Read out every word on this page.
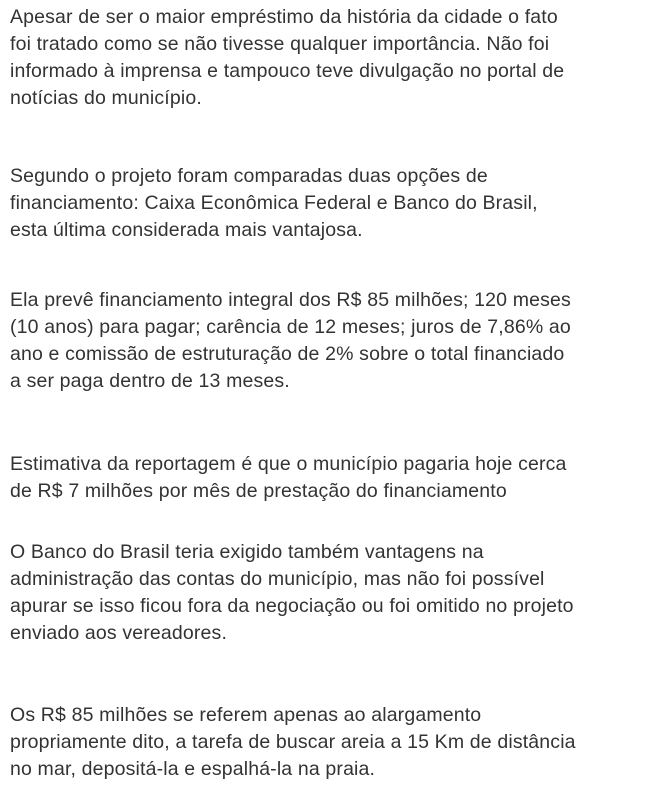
Apesar de ser o maior empréstimo da história da cidade o fato
foi tratado como se não tivesse qualquer importância. Não foi
informado à imprensa e tampouco teve divulgação no portal de
notícias do município.

Segundo o projeto foram comparadas duas opções de
financiamento: Caixa Econômica Federal e Banco do Brasil,
esta última considerada mais vantajosa.

Ela prevê financiamento integral dos R$ 85 milhões; 120 meses
(10 anos) para pagar; carência de 12 meses; juros de 7,86% ao
ano e comissão de estruturação de 2% sobre o total financiado
a ser paga dentro de 13 meses.

Estimativa da reportagem é que o município pagaria hoje cerca
de R$ 7 milhões por mês de prestação do financiamento

O Banco do Brasil teria exigido também vantagens na
administração das contas do município, mas não foi possível
apurar se isso ficou fora da negociação ou foi omitido no projeto
enviado aos vereadores.

Os R$ 85 milhões se referem apenas ao alargamento
propriamente dito, a tarefa de buscar areia a 15 Km de distância
no mar, depositá-la e espalhá-la na praia.
